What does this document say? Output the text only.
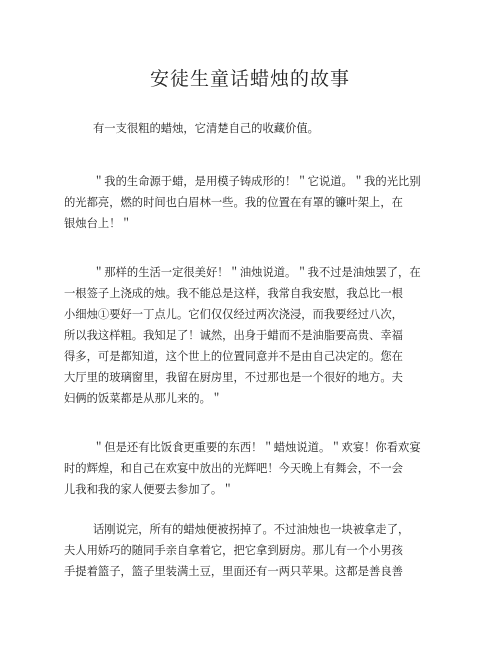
安徒生童话蜡烛的故事

有一支很粗的蜡烛，它清楚自己的收藏价值。

＂我的生命源于蜡，是用模子铸成形的！＂它说道。＂我的光比别
的光都亮，燃的时间也白眉林一些。我的位置在有罩的镰叶架上，在
银烛台上！＂

＂那样的生活一定很美好！＂油烛说道。＂我不过是油烛罢了，在
一根签子上浇成的烛。我不能总是这样，我常自我安慰，我总比一根
小细烛①要好一丁点儿。它们仅仅经过两次浇浸，而我要经过八次，
所以我这样粗。我知足了！诚然，出身于蜡而不是油脂要高贵、幸福
得多，可是都知道，这个世上的位置同意并不是由自己决定的。您在
大厅里的玻璃窗里，我留在厨房里，不过那也是一个很好的地方。夫
妇俩的饭菜都是从那儿来的。＂

＂但是还有比饭食更重要的东西！＂蜡烛说道。＂欢宴！你看欢宴
时的辉煌，和自己在欢宴中放出的光辉吧！今天晚上有舞会，不一会
儿我和我的家人便要去参加了。＂

话刚说完，所有的蜡烛便被拐掉了。不过油烛也一块被拿走了，
夫人用娇巧的随同手亲自拿着它，把它拿到厨房。那儿有一个小男孩
手提着篮子，篮子里装满土豆，里面还有一两只苹果。这都是善良善
